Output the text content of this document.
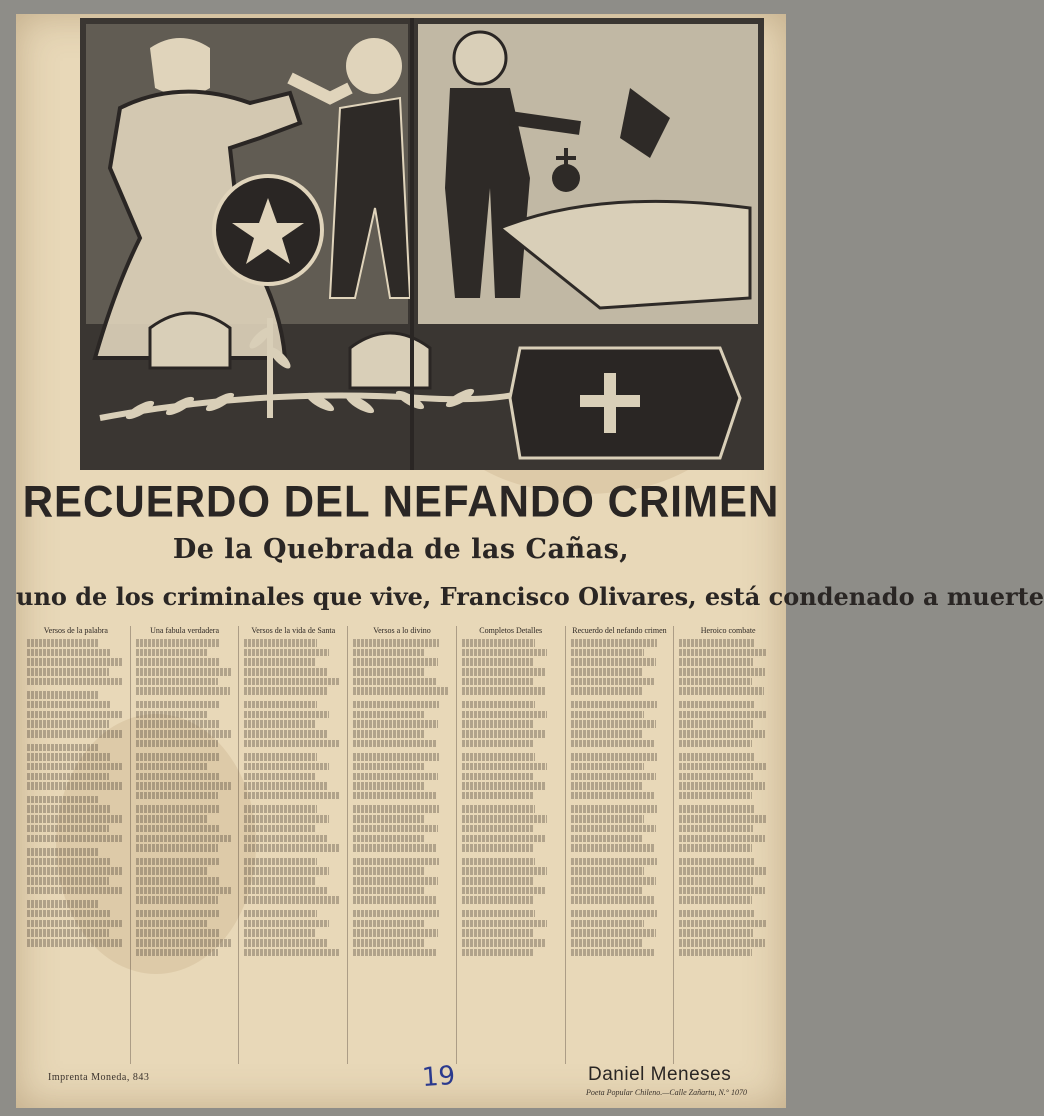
RECUERDO DEL NEFANDO CRIMEN
De la Quebrada de las Cañas,
uno de los criminales que vive, Francisco Olivares, está condenado a muerte
Versos de la palabra	Una fabula verdadera	Versos de la vida de Santa	Versos a lo divino	Completos Detalles	Recuerdo del nefando crimen	Heroico combate
Imprenta Moneda, 843	19	Daniel Meneses
Poeta Popular Chileno.—Calle Zañartu, N.° 1070
